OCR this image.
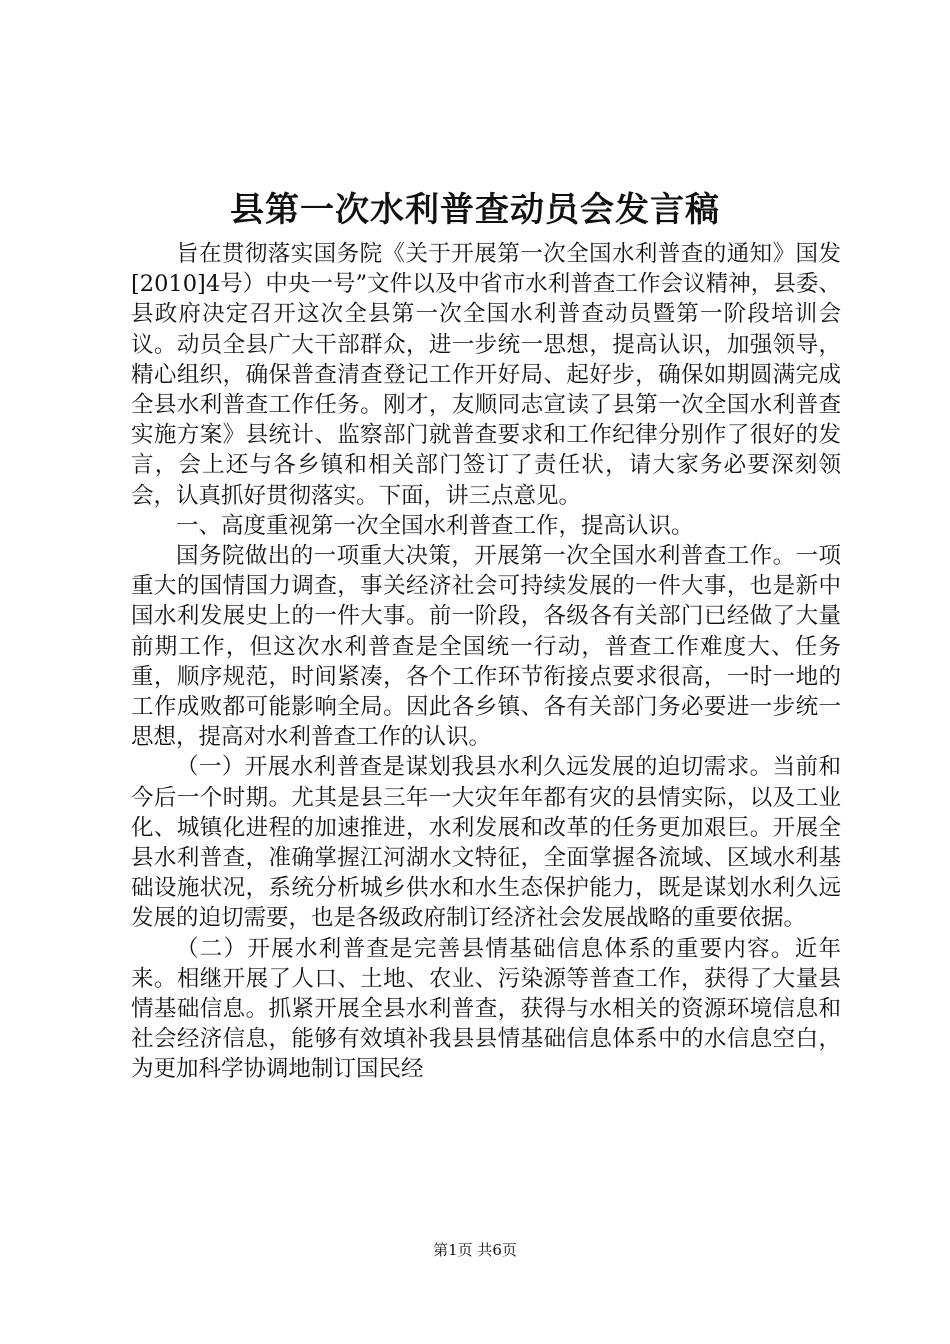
县第一次水利普查动员会发言稿

旨在贯彻落实国务院《关于开展第一次全国水利普查的通知》国发[2010]4号）中央一号”文件以及中省市水利普查工作会议精神，县委、县政府决定召开这次全县第一次全国水利普查动员暨第一阶段培训会议。动员全县广大干部群众，进一步统一思想，提高认识，加强领导，精心组织，确保普查清查登记工作开好局、起好步，确保如期圆满完成全县水利普查工作任务。刚才，友顺同志宣读了县第一次全国水利普查实施方案》县统计、监察部门就普查要求和工作纪律分别作了很好的发言，会上还与各乡镇和相关部门签订了责任状，请大家务必要深刻领会，认真抓好贯彻落实。下面，讲三点意见。

一、高度重视第一次全国水利普查工作，提高认识。

国务院做出的一项重大决策，开展第一次全国水利普查工作。一项重大的国情国力调查，事关经济社会可持续发展的一件大事，也是新中国水利发展史上的一件大事。前一阶段，各级各有关部门已经做了大量前期工作，但这次水利普查是全国统一行动，普查工作难度大、任务重，顺序规范，时间紧凑，各个工作环节衔接点要求很高，一时一地的工作成败都可能影响全局。因此各乡镇、各有关部门务必要进一步统一思想，提高对水利普查工作的认识。

（一）开展水利普查是谋划我县水利久远发展的迫切需求。当前和今后一个时期。尤其是县三年一大灾年年都有灾的县情实际，以及工业化、城镇化进程的加速推进，水利发展和改革的任务更加艰巨。开展全县水利普查，准确掌握江河湖水文特征，全面掌握各流域、区域水利基础设施状况，系统分析城乡供水和水生态保护能力，既是谋划水利久远发展的迫切需要，也是各级政府制订经济社会发展战略的重要依据。

（二）开展水利普查是完善县情基础信息体系的重要内容。近年来。相继开展了人口、土地、农业、污染源等普查工作，获得了大量县情基础信息。抓紧开展全县水利普查，获得与水相关的资源环境信息和社会经济信息，能够有效填补我县县情基础信息体系中的水信息空白，为更加科学协调地制订国民经

第1页 共6页
